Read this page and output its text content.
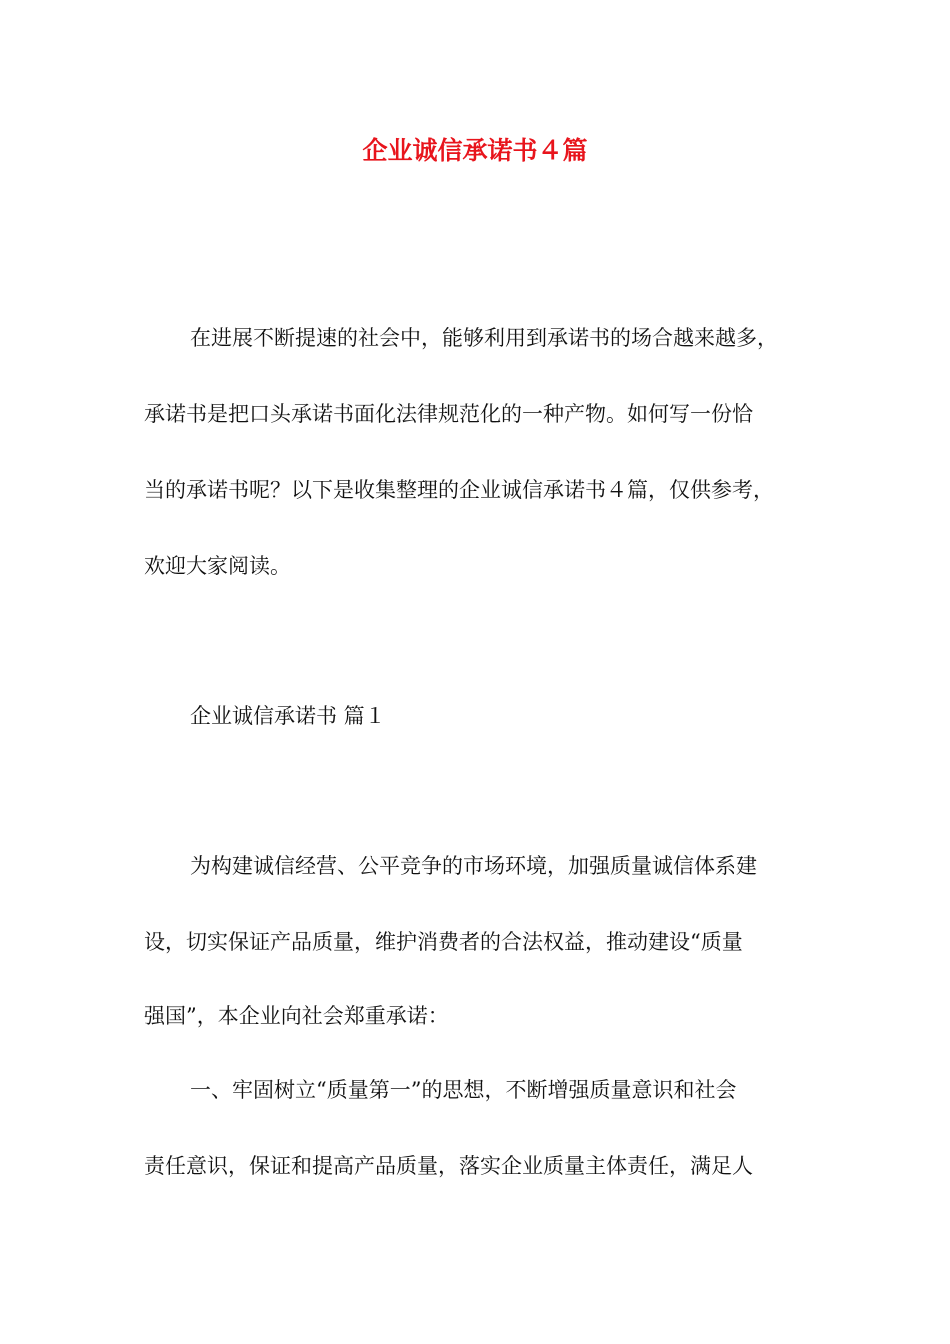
企业诚信承诺书４篇
在进展不断提速的社会中，能够利用到承诺书的场合越来越多，
承诺书是把口头承诺书面化法律规范化的一种产物。如何写一份恰
当的承诺书呢？以下是收集整理的企业诚信承诺书４篇，仅供参考，
欢迎大家阅读。
企业诚信承诺书 篇１
为构建诚信经营、公平竞争的市场环境，加强质量诚信体系建
设，切实保证产品质量，维护消费者的合法权益，推动建设“质量
强国”，本企业向社会郑重承诺：
一、牢固树立“质量第一”的思想，不断增强质量意识和社会
责任意识，保证和提高产品质量，落实企业质量主体责任，满足人
